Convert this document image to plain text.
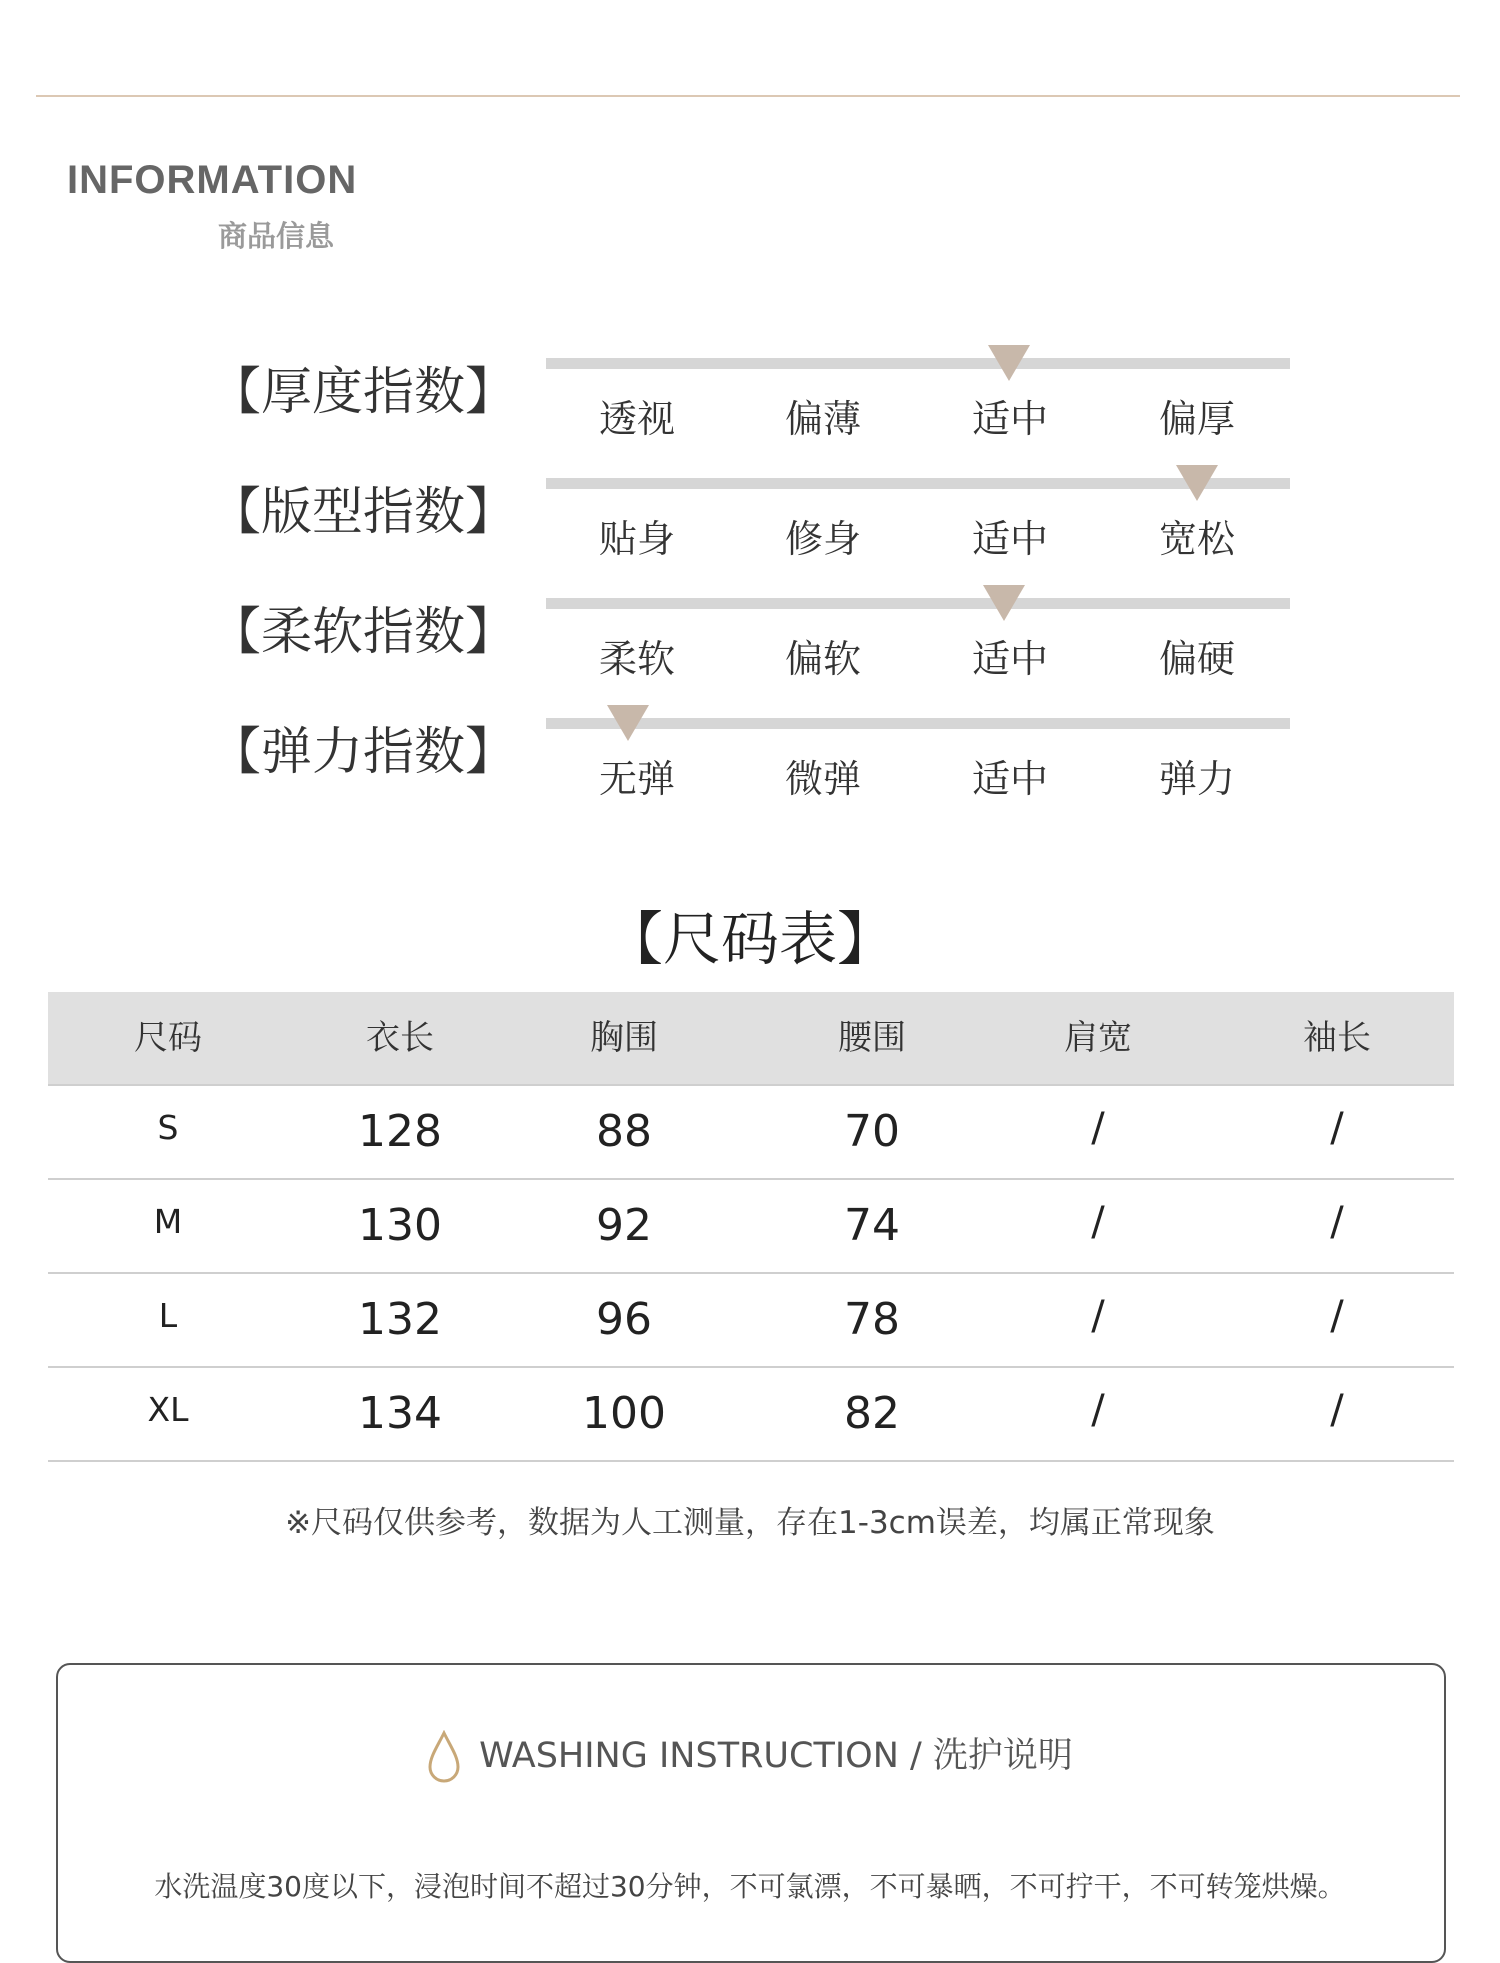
INFORMATION
商品信息
【厚度指数】	透视	偏薄	适中	偏厚
【版型指数】	贴身	修身	适中	宽松
【柔软指数】	柔软	偏软	适中	偏硬
【弹力指数】	无弹	微弹	适中	弹力
【尺码表】
尺码	衣长	胸围	腰围	肩宽	袖长
S	128	88	70	/	/
M	130	92	74	/	/
L	132	96	78	/	/
XL	134	100	82	/	/
※尺码仅供参考，数据为人工测量，存在1-3cm误差，均属正常现象
WASHING INSTRUCTION / 洗护说明
水洗温度30度以下，浸泡时间不超过30分钟，不可氯漂，不可暴晒，不可拧干，不可转笼烘燥。
